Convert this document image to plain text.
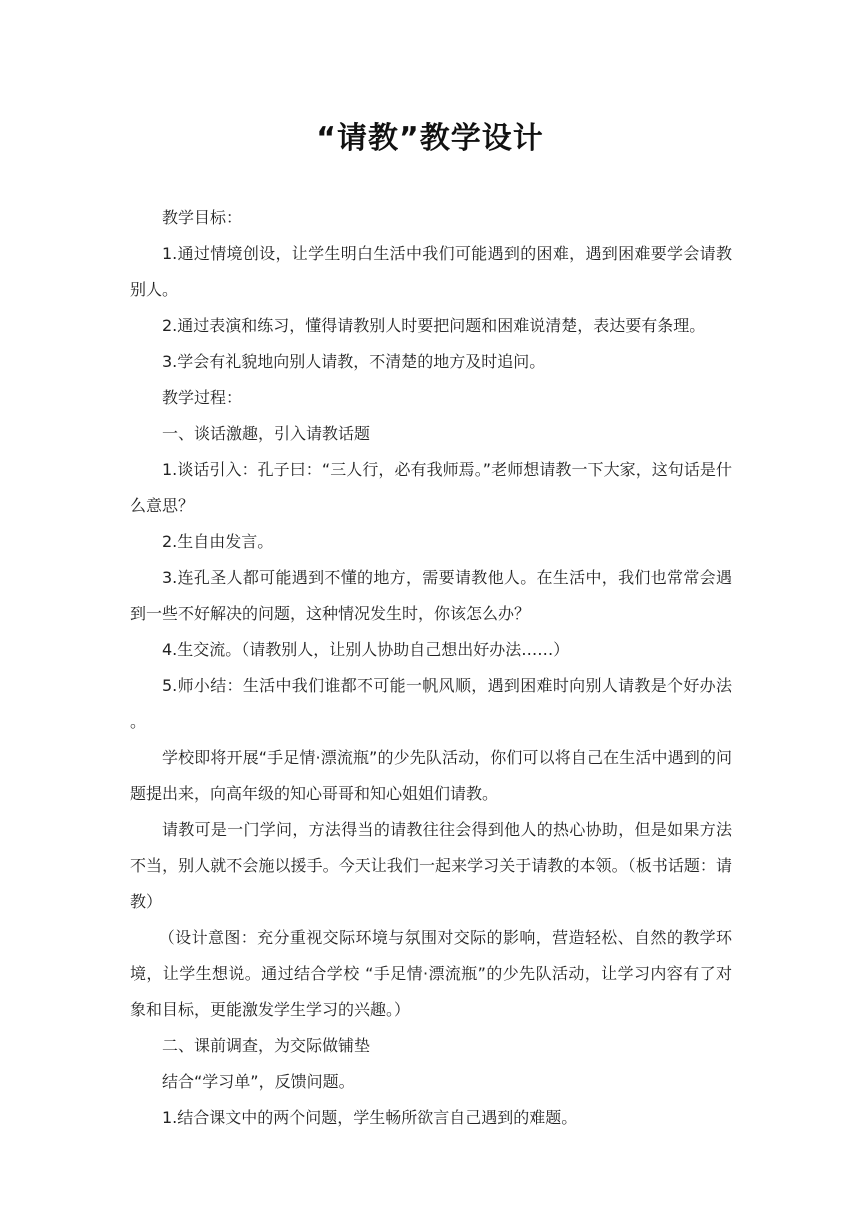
“请教”教学设计

教学目标：

1.通过情境创设，让学生明白生活中我们可能遇到的困难，遇到困难要学会请教别人。

2.通过表演和练习，懂得请教别人时要把问题和困难说清楚，表达要有条理。

3.学会有礼貌地向别人请教，不清楚的地方及时追问。

教学过程：

一、谈话激趣，引入请教话题

1.谈话引入：孔子曰：“三人行，必有我师焉。”老师想请教一下大家，这句话是什么意思？

2.生自由发言。

3.连孔圣人都可能遇到不懂的地方，需要请教他人。在生活中，我们也常常会遇到一些不好解决的问题，这种情况发生时，你该怎么办？

4.生交流。（请教别人，让别人协助自己想出好办法……）

5.师小结：生活中我们谁都不可能一帆风顺，遇到困难时向别人请教是个好办法。

学校即将开展“手足情·漂流瓶”的少先队活动，你们可以将自己在生活中遇到的问题提出来，向高年级的知心哥哥和知心姐姐们请教。

请教可是一门学问，方法得当的请教往往会得到他人的热心协助，但是如果方法不当，别人就不会施以援手。今天让我们一起来学习关于请教的本领。（板书话题：请教）

（设计意图：充分重视交际环境与氛围对交际的影响，营造轻松、自然的教学环境，让学生想说。通过结合学校 “手足情·漂流瓶”的少先队活动，让学习内容有了对象和目标，更能激发学生学习的兴趣。）

二、课前调查，为交际做铺垫

结合“学习单”，反馈问题。

1.结合课文中的两个问题，学生畅所欲言自己遇到的难题。
